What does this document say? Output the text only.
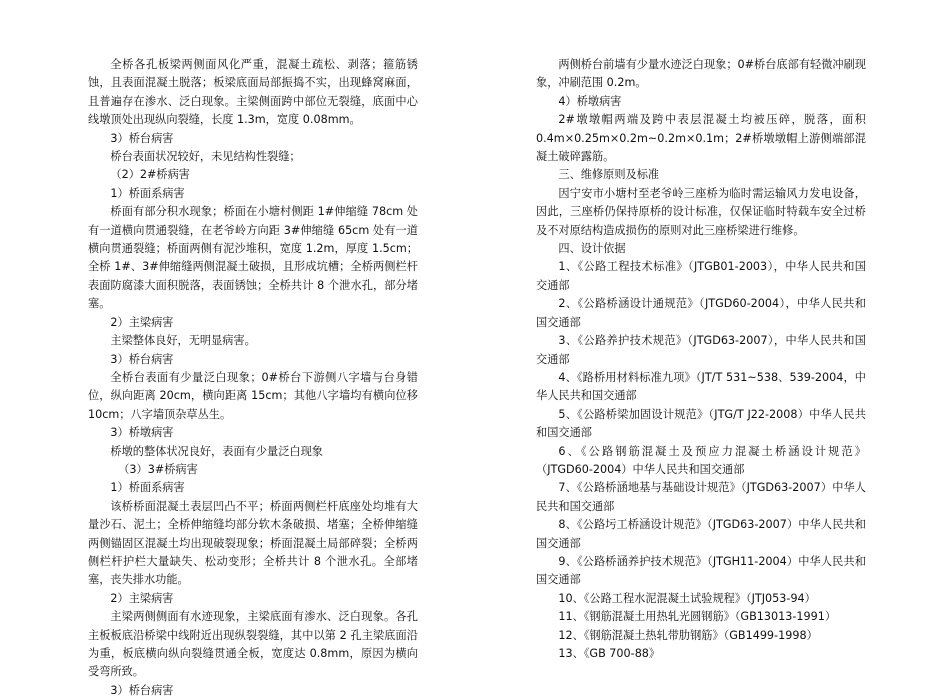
全桥各孔板梁两侧面风化严重，混凝土疏松、剥落；箍筋锈蚀，且表面混凝土脱落；板梁底面局部振捣不实，出现蜂窝麻面，且普遍存在渗水、泛白现象。主梁侧面跨中部位无裂缝，底面中心线墩顶处出现纵向裂缝，长度 1.3m，宽度 0.08mm。
3）桥台病害
桥台表面状况较好，未见结构性裂缝；
（2）2#桥病害
1）桥面系病害
桥面有部分积水现象；桥面在小塘村侧距 1#伸缩缝 78cm 处有一道横向贯通裂缝，在老爷岭方向距 3#伸缩缝 65cm 处有一道横向贯通裂缝；桥面两侧有泥沙堆积，宽度 1.2m，厚度 1.5cm；全桥 1#、3#伸缩缝两侧混凝土破损，且形成坑槽；全桥两侧栏杆表面防腐漆大面积脱落，表面锈蚀；全桥共计 8 个泄水孔，部分堵塞。
2）主梁病害
主梁整体良好，无明显病害。
3）桥台病害
全桥台表面有少量泛白现象；0#桥台下游侧八字墙与台身错位，纵向距离 20cm，横向距离 15cm；其他八字墙均有横向位移 10cm；八字墙顶杂草丛生。
3）桥墩病害
桥墩的整体状况良好，表面有少量泛白现象
（3）3#桥病害
1）桥面系病害
该桥桥面混凝土表层凹凸不平；桥面两侧栏杆底座处均堆有大量沙石、泥土；全桥伸缩缝均部分软木条破损、堵塞；全桥伸缩缝两侧锚固区混凝土均出现破裂现象；桥面混凝土局部碎裂；全桥两侧栏杆护栏大量缺失、松动变形；全桥共计 8 个泄水孔。全部堵塞，丧失排水功能。
2）主梁病害
主梁两侧侧面有水迹现象，主梁底面有渗水、泛白现象。各孔主板板底沿桥梁中线附近出现纵裂裂缝，其中以第 2 孔主梁底面沿为重，板底横向纵向裂缝贯通全板，宽度达 0.8mm，原因为横向受弯所致。
3）桥台病害
两侧桥台前墙有少量水迹泛白现象；0#桥台底部有轻微冲刷现象，冲刷范围 0.2m。
4）桥墩病害
2#墩墩帽两端及跨中表层混凝土均被压碎，脱落，面积 0.4m×0.25m×0.2m~0.2m×0.1m；2#桥墩墩帽上游侧端部混凝土破碎露筋。
三、维修原则及标准
因宁安市小塘村至老爷岭三座桥为临时需运输风力发电设备，因此，三座桥仍保持原桥的设计标准，仅保证临时特载车安全过桥及不对原结构造成损伤的原则对此三座桥梁进行维修。
四、设计依据
1、《公路工程技术标准》（JTGB01-2003），中华人民共和国交通部
2、《公路桥涵设计通规范》（JTGD60-2004），中华人民共和国交通部
3、《公路养护技术规范》（JTGD63-2007），中华人民共和国交通部
4、《路桥用材料标准九项》（JT/T 531~538、539-2004，中华人民共和国交通部
5、《公路桥梁加固设计规范》（JTG/T J22-2008）中华人民共和国交通部
6、《公路钢筋混凝土及预应力混凝土桥涵设计规范》（JTGD60-2004）中华人民共和国交通部
7、《公路桥涵地基与基础设计规范》（JTGD63-2007）中华人民共和国交通部
8、《公路圬工桥涵设计规范》（JTGD63-2007）中华人民共和国交通部
9、《公路桥涵养护技术规范》（JTGH11-2004）中华人民共和国交通部
10、《公路工程水泥混凝土试验规程》（JTJ053-94）
11、《钢筋混凝土用热轧光圆钢筋》（GB13013-1991）
12、《钢筋混凝土热轧带肋钢筋》（GB1499-1998）
13、《GB 700-88》
